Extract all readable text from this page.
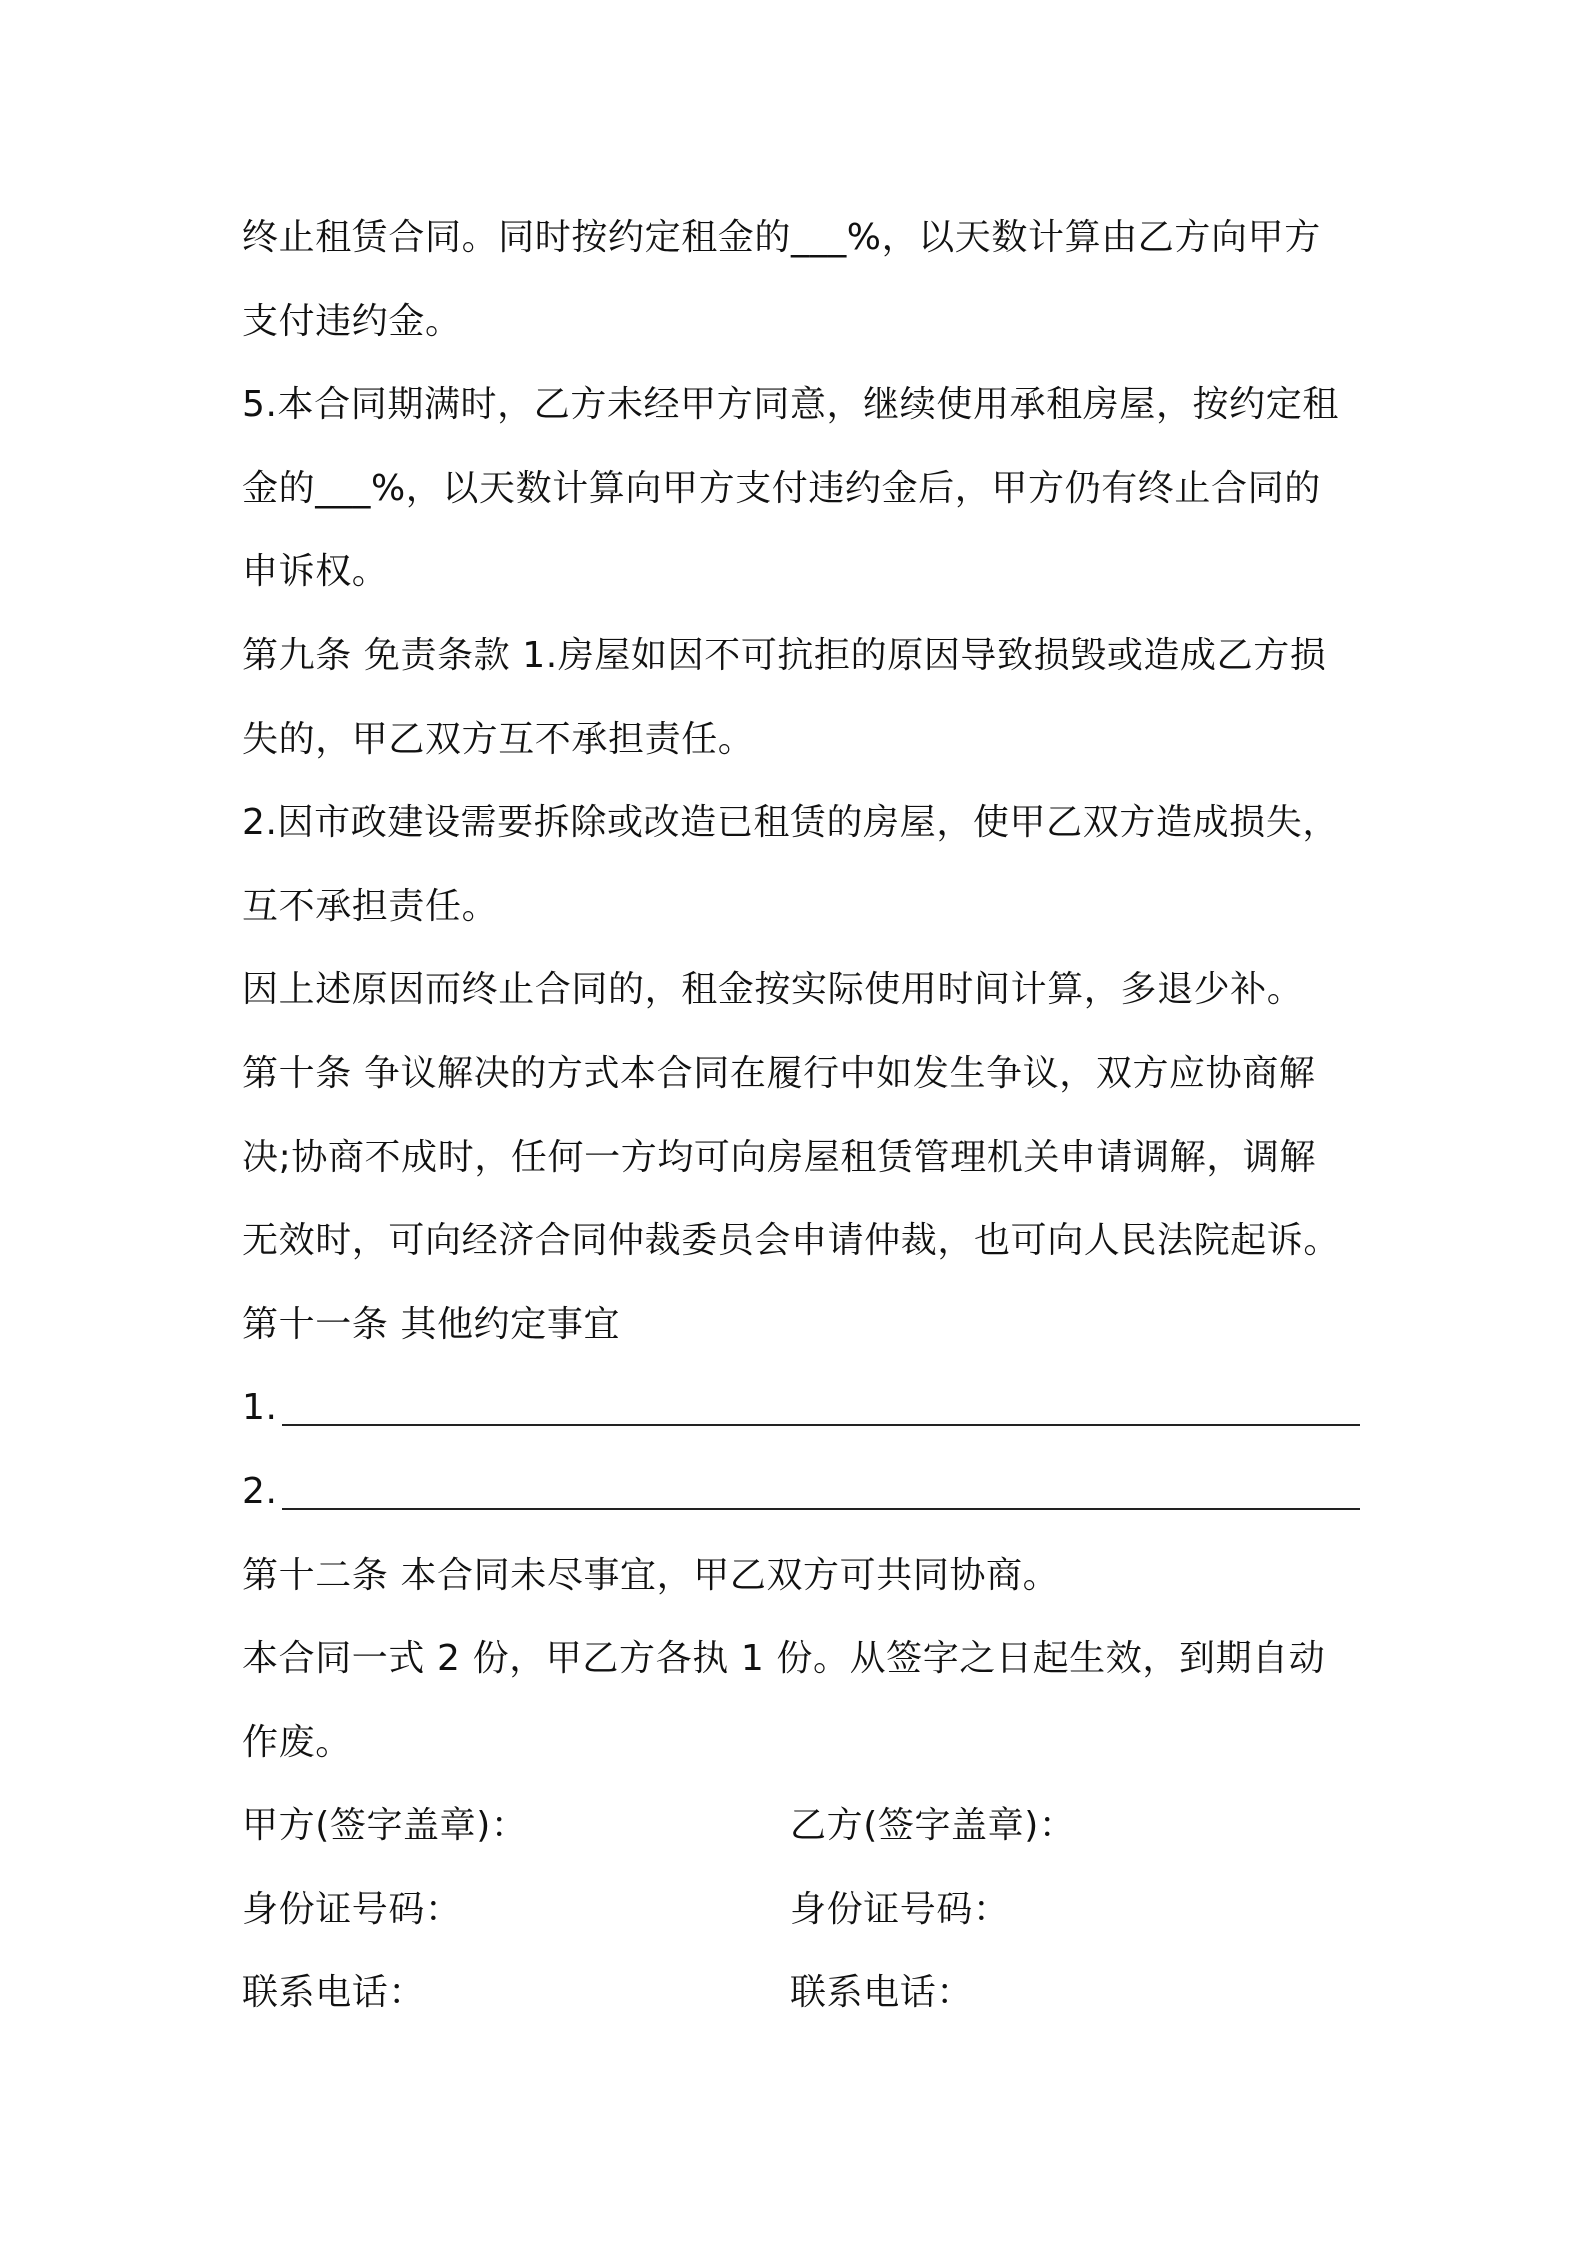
终止租赁合同。同时按约定租金的___%，以天数计算由乙方向甲方
支付违约金。
5.本合同期满时，乙方未经甲方同意，继续使用承租房屋，按约定租
金的___%，以天数计算向甲方支付违约金后，甲方仍有终止合同的
申诉权。
第九条 免责条款 1.房屋如因不可抗拒的原因导致损毁或造成乙方损
失的，甲乙双方互不承担责任。
2.因市政建设需要拆除或改造已租赁的房屋，使甲乙双方造成损失，
互不承担责任。
因上述原因而终止合同的，租金按实际使用时间计算，多退少补。
第十条 争议解决的方式本合同在履行中如发生争议，双方应协商解
决;协商不成时，任何一方均可向房屋租赁管理机关申请调解，调解
无效时，可向经济合同仲裁委员会申请仲裁，也可向人民法院起诉。
第十一条 其他约定事宜
1.
2.
第十二条 本合同未尽事宜，甲乙双方可共同协商。
本合同一式 2 份，甲乙方各执 1 份。从签字之日起生效，到期自动
作废。
甲方(签字盖章)：	乙方(签字盖章)：
身份证号码：	身份证号码：
联系电话：	联系电话：
